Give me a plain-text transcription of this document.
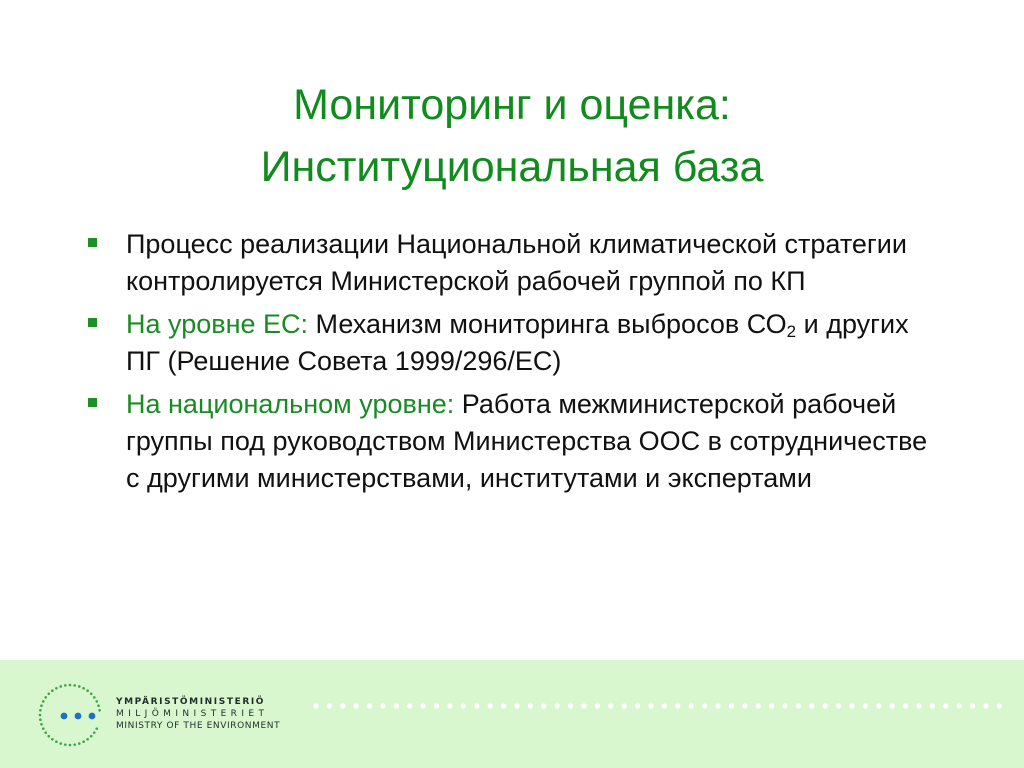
Мониторинг и оценка:
Институциональная база
Процесс реализации Национальной климатической стратегии контролируется Министерской рабочей группой по КП
На уровне ЕС: Механизм мониторинга выбросов $СО_2$ и других ПГ (Решение Совета 1999/296/ЕС)
На национальном уровне: Работа межминистерской рабочей группы под руководством Министерства ООС в сотрудничестве с другими министерствами, институтами и экспертами
YMPÄRISTÖMINISTERIÖ
MILJÖMINISTERIET
MINISTRY OF THE ENVIRONMENT
